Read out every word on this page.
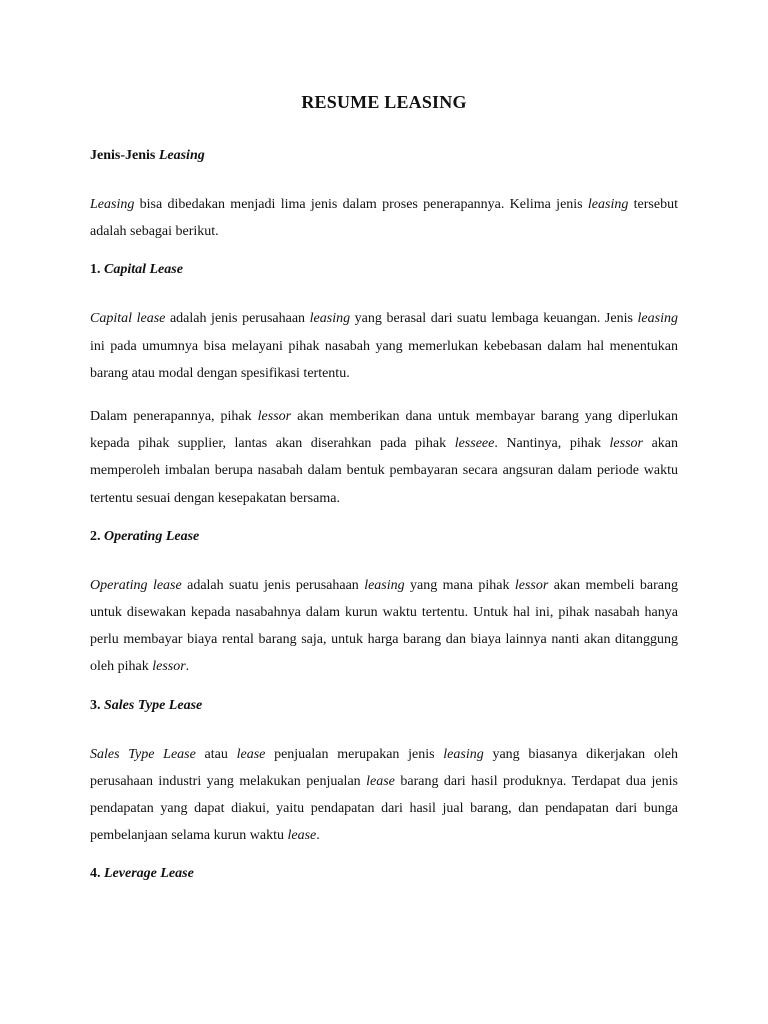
RESUME LEASING
Jenis-Jenis Leasing

Leasing bisa dibedakan menjadi lima jenis dalam proses penerapannya. Kelima jenis leasing tersebut adalah sebagai berikut.

1. Capital Lease

Capital lease adalah jenis perusahaan leasing yang berasal dari suatu lembaga keuangan. Jenis leasing ini pada umumnya bisa melayani pihak nasabah yang memerlukan kebebasan dalam hal menentukan barang atau modal dengan spesifikasi tertentu.

Dalam penerapannya, pihak lessor akan memberikan dana untuk membayar barang yang diperlukan kepada pihak supplier, lantas akan diserahkan pada pihak lesseee. Nantinya, pihak lessor akan memperoleh imbalan berupa nasabah dalam bentuk pembayaran secara angsuran dalam periode waktu tertentu sesuai dengan kesepakatan bersama.

2. Operating Lease

Operating lease adalah suatu jenis perusahaan leasing yang mana pihak lessor akan membeli barang untuk disewakan kepada nasabahnya dalam kurun waktu tertentu. Untuk hal ini, pihak nasabah hanya perlu membayar biaya rental barang saja, untuk harga barang dan biaya lainnya nanti akan ditanggung oleh pihak lessor.

3. Sales Type Lease

Sales Type Lease atau lease penjualan merupakan jenis leasing yang biasanya dikerjakan oleh perusahaan industri yang melakukan penjualan lease barang dari hasil produknya. Terdapat dua jenis pendapatan yang dapat diakui, yaitu pendapatan dari hasil jual barang, dan pendapatan dari bunga pembelanjaan selama kurun waktu lease.

4. Leverage Lease
